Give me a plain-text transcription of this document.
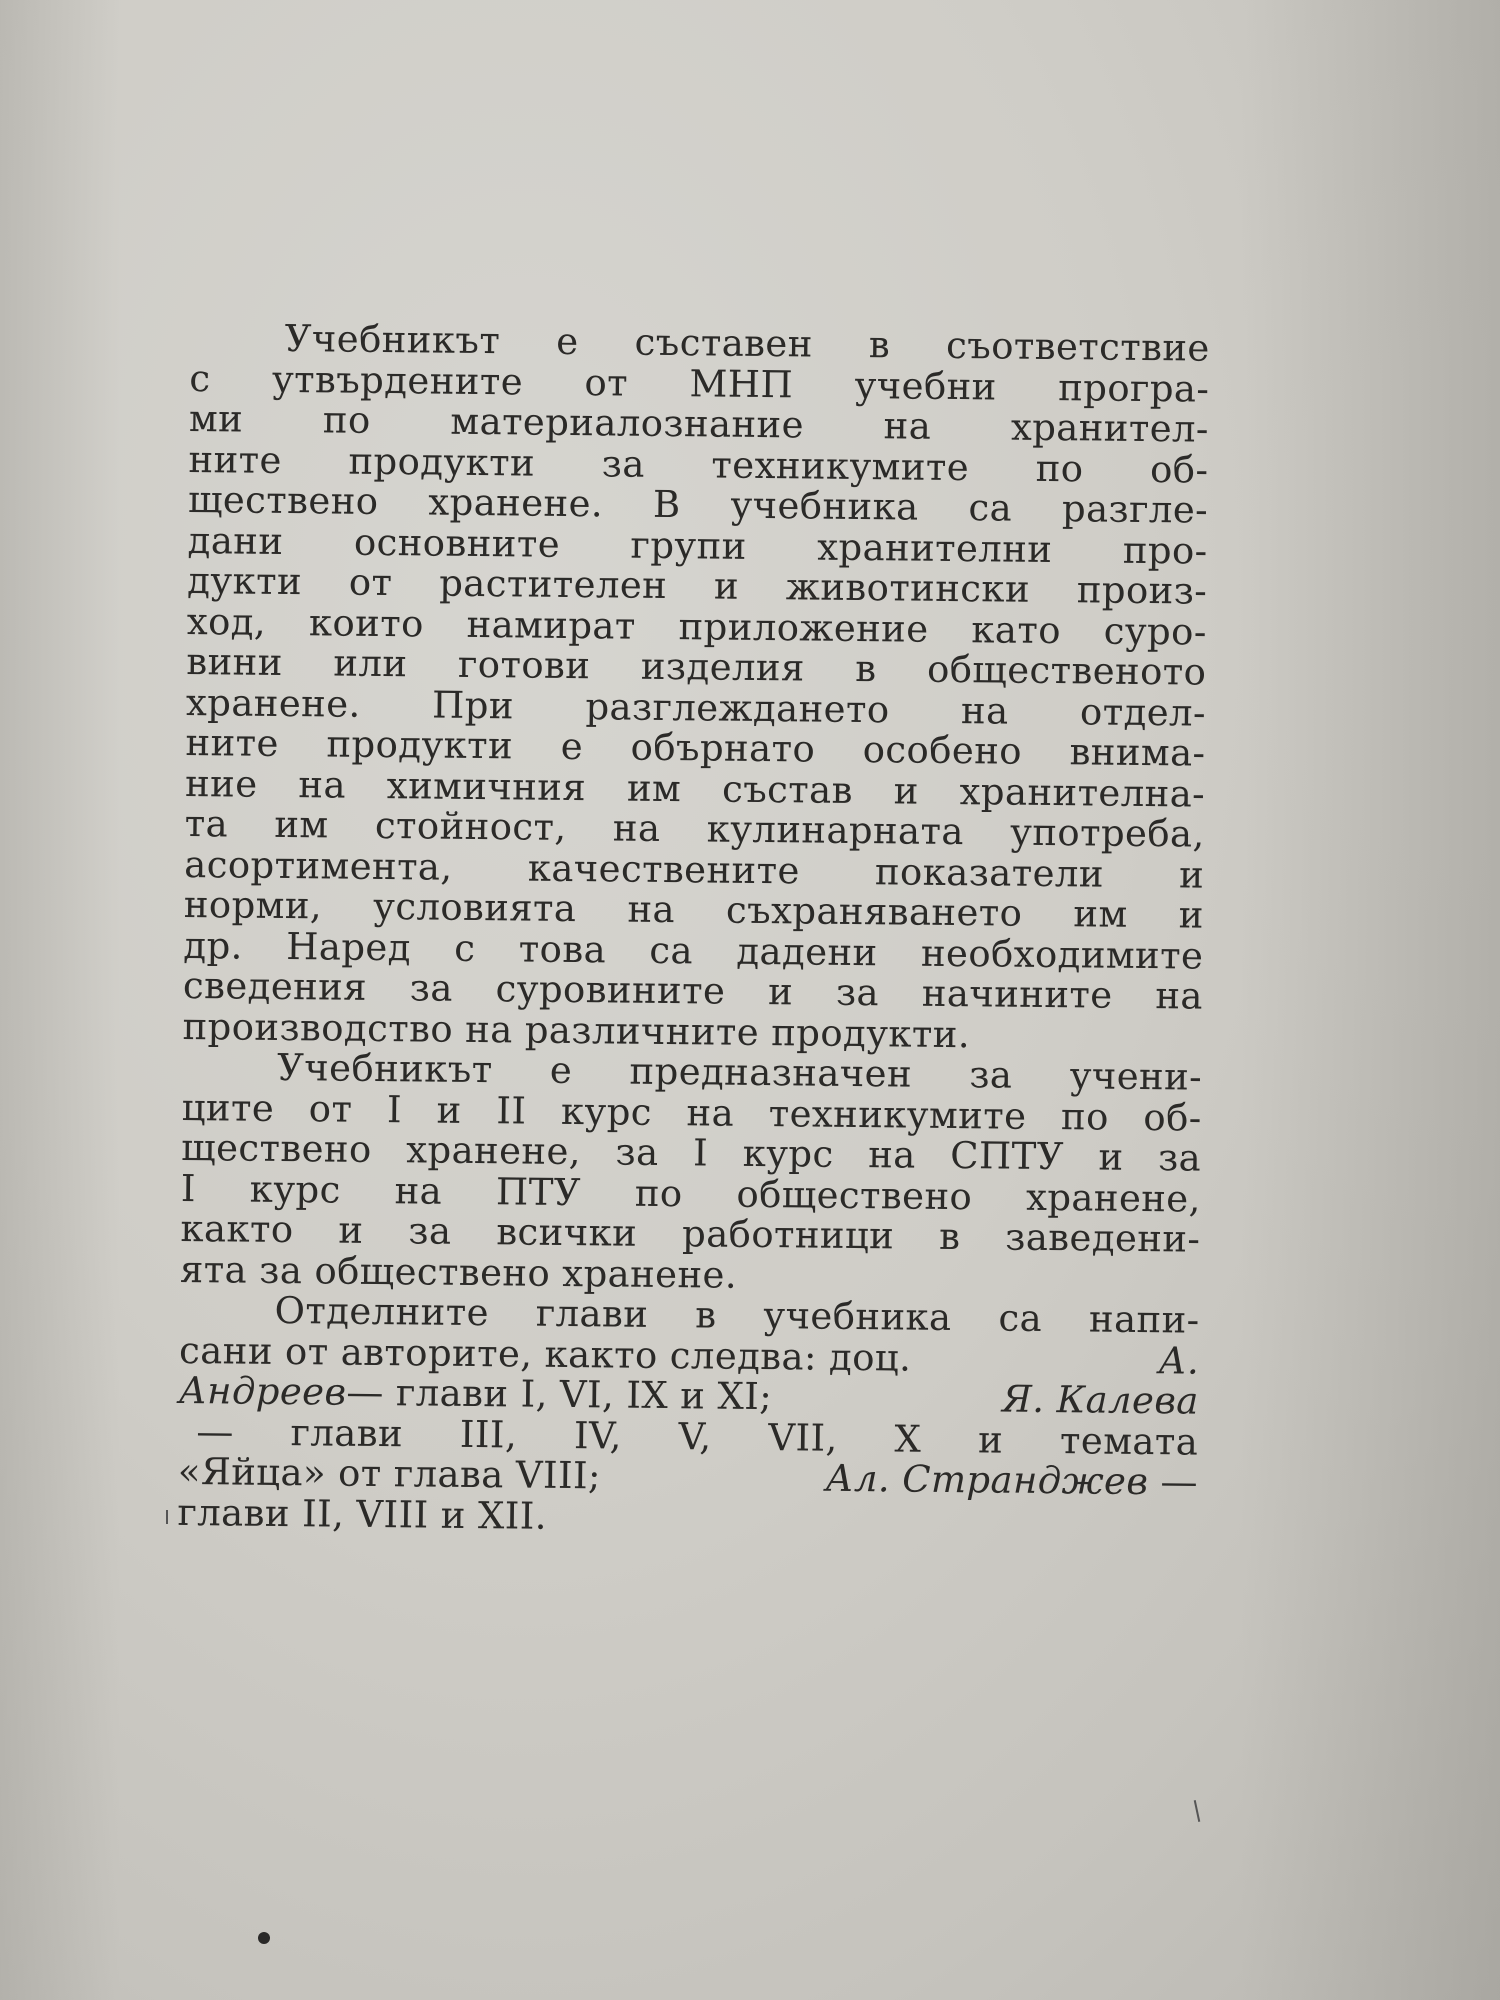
Учебникът е съставен в съответствие
с утвърдените от МНП учебни програ-
ми по материалознание на хранител-
ните продукти за техникумите по об-
ществено хранене. В учебника са разгле-
дани основните групи хранителни про-
дукти от растителен и животински произ-
ход, които намират приложение като суро-
вини или готови изделия в общественото
хранене. При разглеждането на отдел-
ните продукти е обърнато особено внима-
ние на химичния им състав и хранителна-
та им стойност, на кулинарната употреба,
асортимента, качествените показатели и
норми, условията на съхраняването им и
др. Наред с това са дадени необходимите
сведения за суровините и за начините на
производство на различните продукти.
Учебникът е предназначен за учени-
ците от I и II курс на техникумите по об-
ществено хранене, за I курс на СПТУ и за
I курс на ПТУ по обществено хранене,
както и за всички работници в заведени-
ята за обществено хранене.
Отделните глави в учебника са напи-
сани от авторите, както следва: доц.	А.
Андреев— глави I, VI, IX и XI;	Я. Калева
— глави III, IV, V, VII, X и темата
«Яйца» от глава VIII;	Ал. Странджев —
глави II, VIII и XII.
